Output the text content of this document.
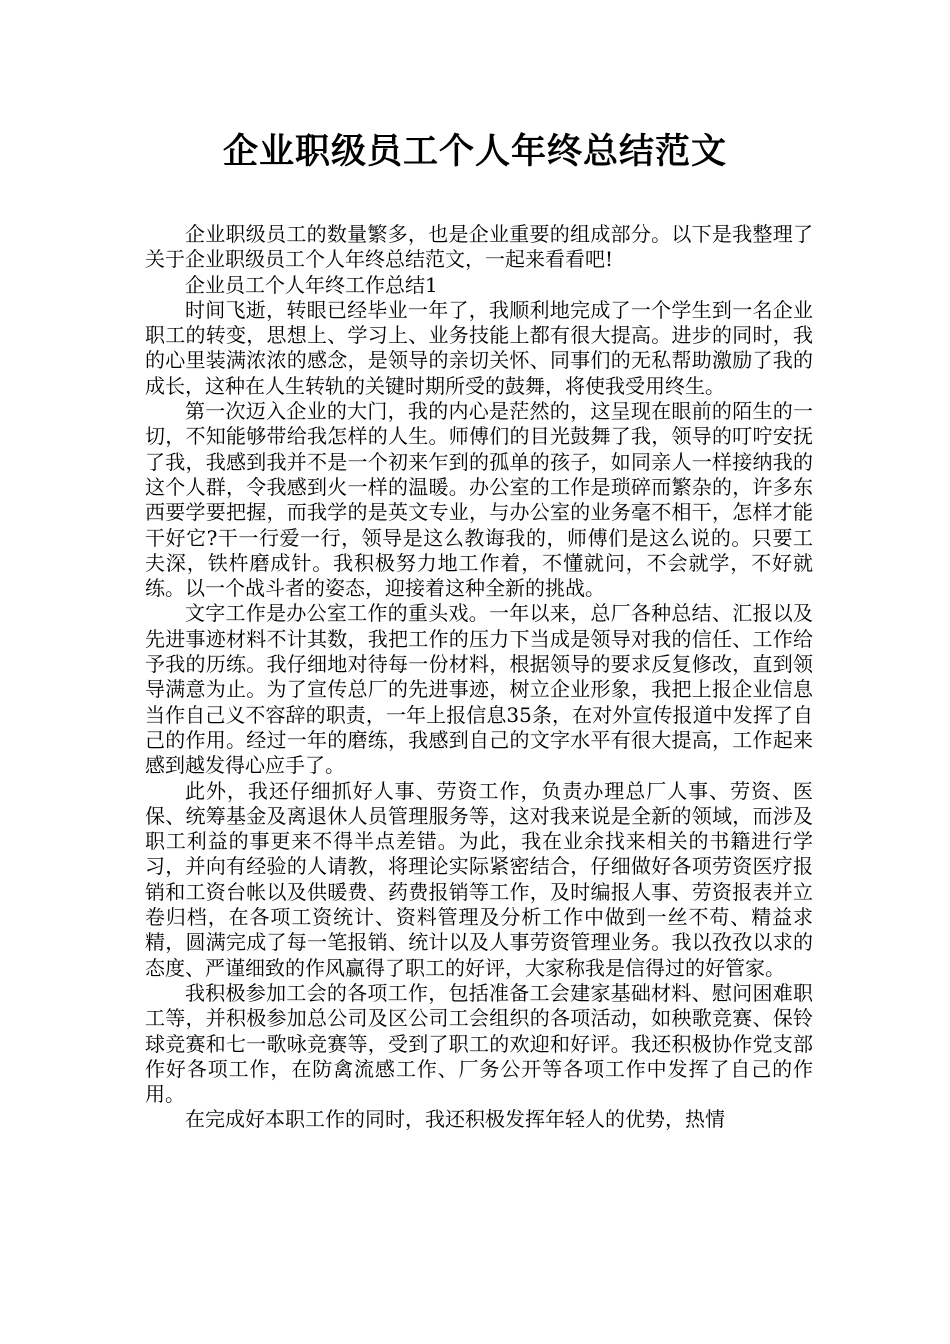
企业职级员工个人年终总结范文

企业职级员工的数量繁多，也是企业重要的组成部分。以下是我整理了关于企业职级员工个人年终总结范文，一起来看看吧!

企业员工个人年终工作总结1

时间飞逝，转眼已经毕业一年了，我顺利地完成了一个学生到一名企业职工的转变，思想上、学习上、业务技能上都有很大提高。进步的同时，我的心里装满浓浓的感念，是领导的亲切关怀、同事们的无私帮助激励了我的成长，这种在人生转轨的关键时期所受的鼓舞，将使我受用终生。

第一次迈入企业的大门，我的内心是茫然的，这呈现在眼前的陌生的一切，不知能够带给我怎样的人生。师傅们的目光鼓舞了我，领导的叮咛安抚了我，我感到我并不是一个初来乍到的孤单的孩子，如同亲人一样接纳我的这个人群，令我感到火一样的温暖。办公室的工作是琐碎而繁杂的，许多东西要学要把握，而我学的是英文专业，与办公室的业务毫不相干，怎样才能干好它?干一行爱一行，领导是这么教诲我的，师傅们是这么说的。只要工夫深，铁杵磨成针。我积极努力地工作着，不懂就问，不会就学，不好就练。以一个战斗者的姿态，迎接着这种全新的挑战。

文字工作是办公室工作的重头戏。一年以来，总厂各种总结、汇报以及先进事迹材料不计其数，我把工作的压力下当成是领导对我的信任、工作给予我的历练。我仔细地对待每一份材料，根据领导的要求反复修改，直到领导满意为止。为了宣传总厂的先进事迹，树立企业形象，我把上报企业信息当作自己义不容辞的职责，一年上报信息35条，在对外宣传报道中发挥了自己的作用。经过一年的磨练，我感到自己的文字水平有很大提高，工作起来感到越发得心应手了。

此外，我还仔细抓好人事、劳资工作，负责办理总厂人事、劳资、医保、统筹基金及离退休人员管理服务等，这对我来说是全新的领域，而涉及职工利益的事更来不得半点差错。为此，我在业余找来相关的书籍进行学习，并向有经验的人请教，将理论实际紧密结合，仔细做好各项劳资医疗报销和工资台帐以及供暖费、药费报销等工作，及时编报人事、劳资报表并立卷归档，在各项工资统计、资料管理及分析工作中做到一丝不苟、精益求精，圆满完成了每一笔报销、统计以及人事劳资管理业务。我以孜孜以求的态度、严谨细致的作风赢得了职工的好评，大家称我是信得过的好管家。

我积极参加工会的各项工作，包括准备工会建家基础材料、慰问困难职工等，并积极参加总公司及区公司工会组织的各项活动，如秧歌竞赛、保铃球竞赛和七一歌咏竞赛等，受到了职工的欢迎和好评。我还积极协作党支部作好各项工作，在防禽流感工作、厂务公开等各项工作中发挥了自己的作用。

在完成好本职工作的同时，我还积极发挥年轻人的优势，热情
